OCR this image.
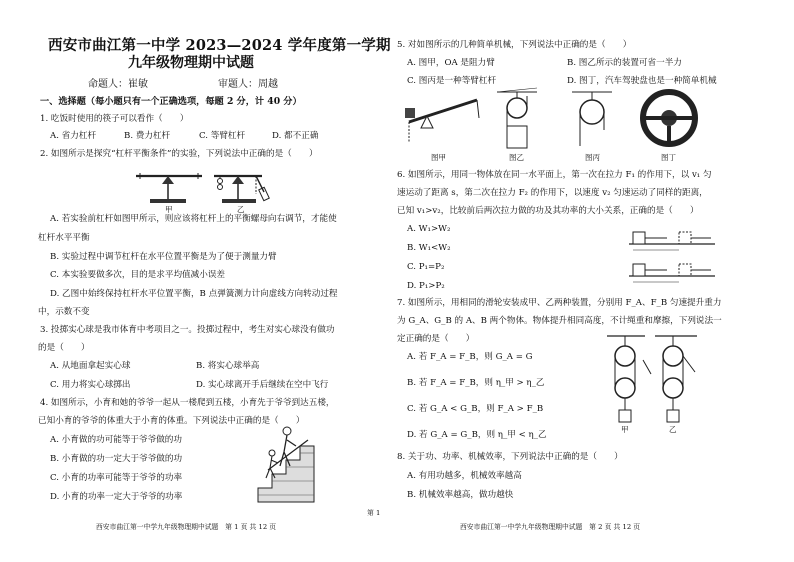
西安市曲江第一中学 2023—2024 学年度第一学期
九年级物理期中试题
命题人：崔敏	审题人：周越
一、选择题（每小题只有一个正确选项，每题 2 分，计 40 分）
1. 吃饭时使用的筷子可以看作（　　）
A. 省力杠杆	B. 费力杠杆	C. 等臂杠杆	D. 都不正确
2. 如图所示是探究“杠杆平衡条件”的实验，下列说法中正确的是（　　）
甲	乙
A. 若实验前杠杆如图甲所示，则应该将杠杆上的平衡螺母向右调节，才能使
杠杆水平平衡
B. 实验过程中调节杠杆在水平位置平衡是为了便于测量力臂
C. 本实验要做多次，目的是求平均值减小误差
D. 乙图中始终保持杠杆水平位置平衡，B 点弹簧测力计向虚线方向转动过程
中，示数不变
3. 投掷实心球是我市体育中考项目之一。投掷过程中，考生对实心球没有做功
的是（　　）
A. 从地面拿起实心球	B. 将实心球举高
C. 用力将实心球掷出	D. 实心球离开手后继续在空中飞行
4. 如图所示，小育和她的爷爷一起从一楼爬到五楼，小育先于爷爷到达五楼，
已知小育的爷爷的体重大于小育的体重。下列说法中正确的是（　　）
A. 小育做的功可能等于爷爷做的功
B. 小育做的功一定大于爷爷做的功
C. 小育的功率可能等于爷爷的功率
D. 小育的功率一定大于爷爷的功率
西安市曲江第一中学九年级物理期中试题　第 1 页 共 12 页
第 1
5. 对如图所示的几种简单机械，下列说法中正确的是（　　）
A. 图甲，OA 是阻力臂	B. 图乙所示的装置可省一半力
C. 图丙是一种等臂杠杆	D. 图丁，汽车驾驶盘也是一种简单机械
图甲	图乙	图丙	图丁
6. 如图所示，用同一物体放在同一水平面上，第一次在拉力 F₁ 的作用下，以 v₁ 匀
速运动了距离 s，第二次在拉力 F₂ 的作用下，以速度 v₂ 匀速运动了同样的距离，
已知 v₁>v₂，比较前后两次拉力做的功及其功率的大小关系，正确的是（　　）
A. W₁>W₂
B. W₁<W₂
C. P₁=P₂
D. P₁>P₂
7. 如图所示，用相同的滑轮安装成甲、乙两种装置，分别用 F_A、F_B 匀速提升重力
为 G_A、G_B 的 A、B 两个物体。物体提升相同高度，不计绳重和摩擦，下列说法一
定正确的是（　　）
A. 若 F_A = F_B，则 G_A = G
B. 若 F_A = F_B，则 η_甲 > η_乙
C. 若 G_A < G_B，则 F_A > F_B
D. 若 G_A = G_B，则 η_甲 < η_乙
甲	乙
8. 关于功、功率、机械效率，下列说法中正确的是（　　）
A. 有用功越多，机械效率越高
B. 机械效率越高，做功越快
西安市曲江第一中学九年级物理期中试题　第 2 页 共 12 页
